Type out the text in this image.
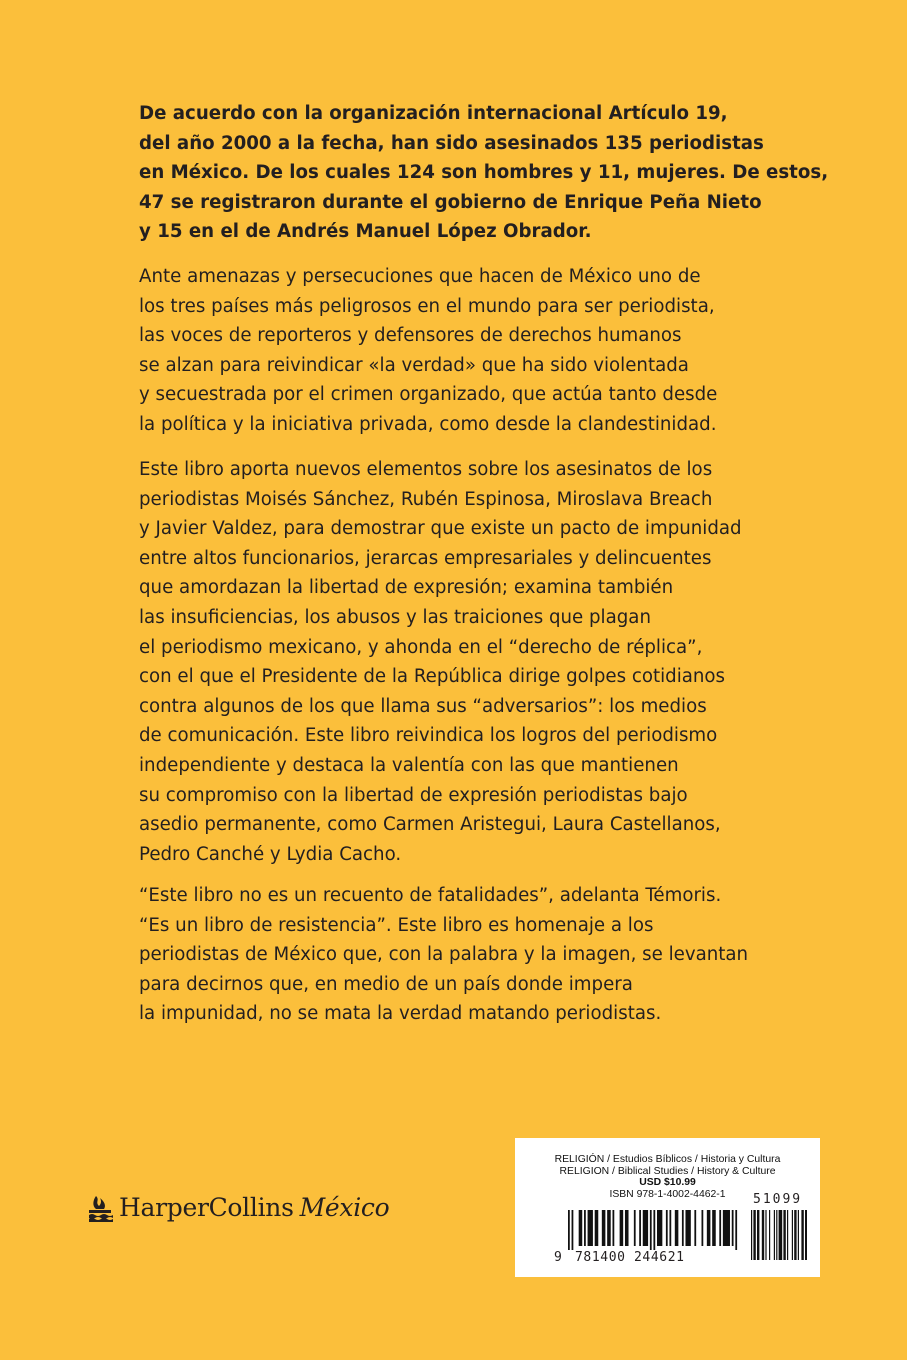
De acuerdo con la organización internacional Artículo 19,
del año 2000 a la fecha, han sido asesinados 135 periodistas
en México. De los cuales 124 son hombres y 11, mujeres. De estos,
47 se registraron durante el gobierno de Enrique Peña Nieto
y 15 en el de Andrés Manuel López Obrador.

Ante amenazas y persecuciones que hacen de México uno de
los tres países más peligrosos en el mundo para ser periodista,
las voces de reporteros y defensores de derechos humanos
se alzan para reivindicar «la verdad» que ha sido violentada
y secuestrada por el crimen organizado, que actúa tanto desde
la política y la iniciativa privada, como desde la clandestinidad.

Este libro aporta nuevos elementos sobre los asesinatos de los
periodistas Moisés Sánchez, Rubén Espinosa, Miroslava Breach
y Javier Valdez, para demostrar que existe un pacto de impunidad
entre altos funcionarios, jerarcas empresariales y delincuentes
que amordazan la libertad de expresión; examina también
las insuficiencias, los abusos y las traiciones que plagan
el periodismo mexicano, y ahonda en el “derecho de réplica”,
con el que el Presidente de la República dirige golpes cotidianos
contra algunos de los que llama sus “adversarios”: los medios
de comunicación. Este libro reivindica los logros del periodismo
independiente y destaca la valentía con las que mantienen
su compromiso con la libertad de expresión periodistas bajo
asedio permanente, como Carmen Aristegui, Laura Castellanos,
Pedro Canché y Lydia Cacho.

“Este libro no es un recuento de fatalidades”, adelanta Témoris.
“Es un libro de resistencia”. Este libro es homenaje a los
periodistas de México que, con la palabra y la imagen, se levantan
para decirnos que, en medio de un país donde impera
la impunidad, no se mata la verdad matando periodistas.

HarperCollins México
RELIGIÓN / Estudios Bíblicos / Historia y Cultura
RELIGION / Biblical Studies / History & Culture
USD $10.99
ISBN 978-1-4002-4462-1
9 781400 244621
51099
